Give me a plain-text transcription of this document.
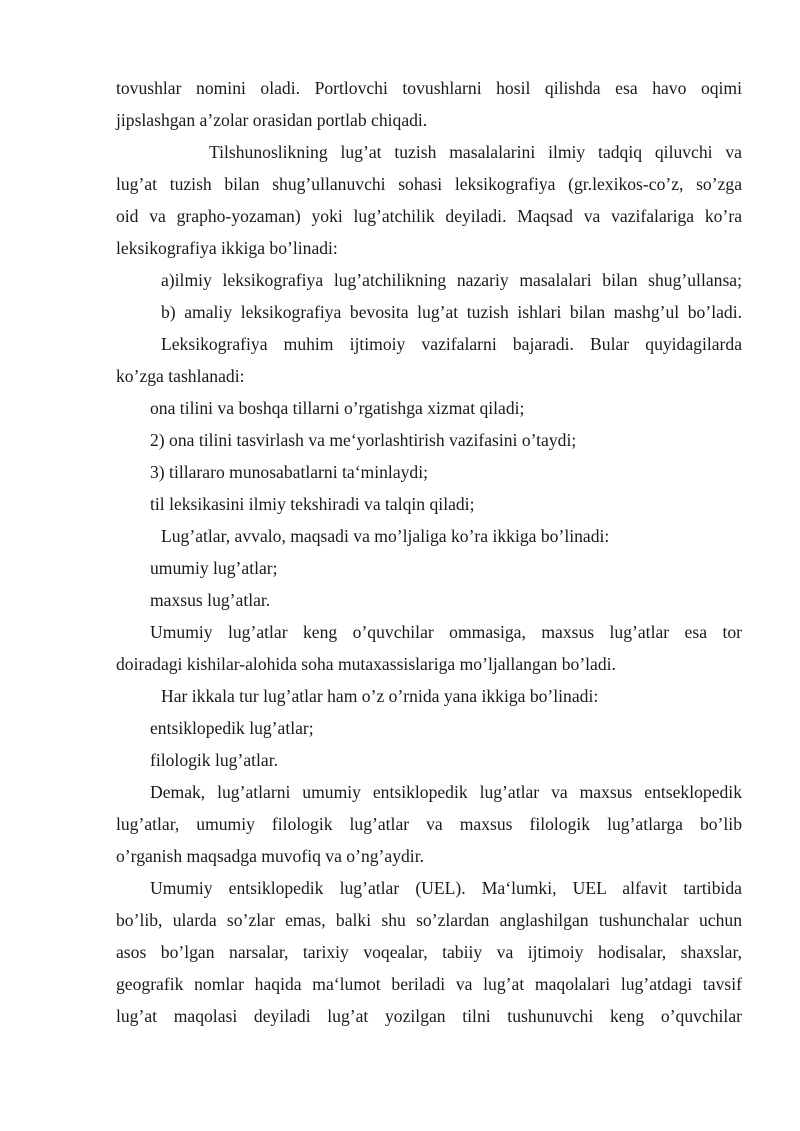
tovushlar nomini oladi. Portlovchi tovushlarni hosil qilishda esa havo oqimi
jipslashgan a’zolar orasidan portlab chiqadi.
Tilshunoslikning lug’at tuzish masalalarini ilmiy tadqiq qiluvchi va
lug’at tuzish bilan shug’ullanuvchi sohasi leksikografiya (gr.lexikos-co’z, so’zga
oid va grapho-yozaman) yoki lug’atchilik deyiladi. Maqsad va vazifalariga ko’ra
leksikografiya ikkiga bo’linadi:
a)ilmiy leksikografiya lug’atchilikning nazariy masalalari bilan shug’ullansa;
b) amaliy leksikografiya bevosita lug’at tuzish ishlari bilan mashg’ul bo’ladi.
Leksikografiya muhim ijtimoiy vazifalarni bajaradi. Bular quyidagilarda
ko’zga tashlanadi:
ona tilini va boshqa tillarni o’rgatishga xizmat qiladi;
2) ona tilini tasvirlash va me‘yorlashtirish vazifasini o’taydi;
3) tillararo munosabatlarni ta‘minlaydi;
til leksikasini ilmiy tekshiradi va talqin qiladi;
Lug’atlar, avvalo, maqsadi va mo’ljaliga ko’ra ikkiga bo’linadi:
umumiy lug’atlar;
maxsus lug’atlar.
Umumiy lug’atlar keng o’quvchilar ommasiga, maxsus lug’atlar esa tor
doiradagi kishilar-alohida soha mutaxassislariga mo’ljallangan bo’ladi.
Har ikkala tur lug’atlar ham o’z o’rnida yana ikkiga bo’linadi:
entsiklopedik lug’atlar;
filologik lug’atlar.
Demak, lug’atlarni umumiy entsiklopedik lug’atlar va maxsus entseklopedik
lug’atlar, umumiy filologik lug’atlar va maxsus filologik lug’atlarga bo’lib
o’rganish maqsadga muvofiq va o’ng’aydir.
Umumiy entsiklopedik lug’atlar (UEL). Ma‘lumki, UEL alfavit tartibida
bo’lib, ularda so’zlar emas, balki shu so’zlardan anglashilgan tushunchalar uchun
asos bo’lgan narsalar, tarixiy voqealar, tabiiy va ijtimoiy hodisalar, shaxslar,
geografik nomlar haqida ma‘lumot beriladi va lug’at maqolalari lug’atdagi tavsif
lug’at maqolasi deyiladi lug’at yozilgan tilni tushunuvchi keng o’quvchilar
